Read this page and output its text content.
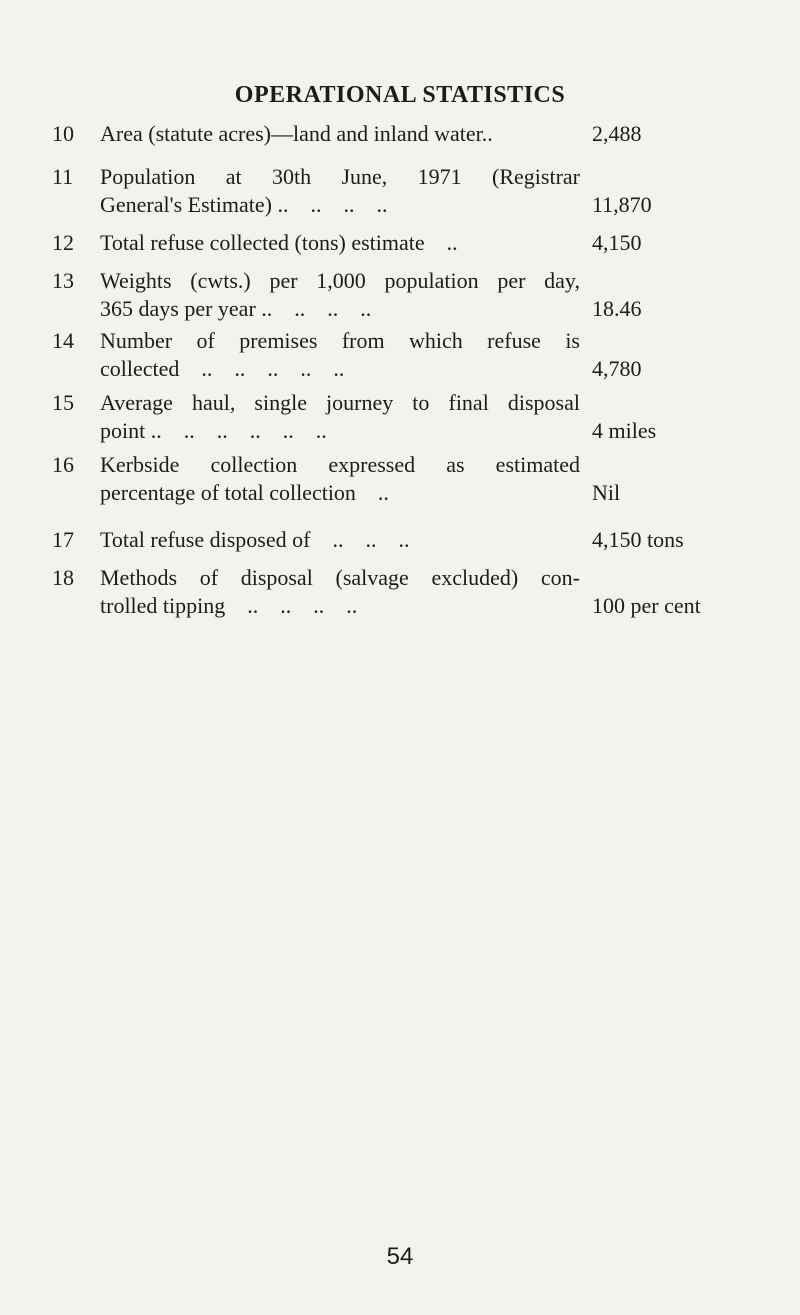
OPERATIONAL STATISTICS
10 Area (statute acres)—land and inland water..	2,488
11 Population at 30th June, 1971 (Registrar
General's Estimate) ..    ..    ..    ..	11,870
12 Total refuse collected (tons) estimate    ..	4,150
13 Weights (cwts.) per 1,000 population per day,
365 days per year ..    ..    ..    ..	18.46
14 Number of premises from which refuse is
collected    ..    ..    ..    ..    ..	4,780
15 Average haul, single journey to final disposal
point ..    ..    ..    ..    ..    ..	4 miles
16 Kerbside collection expressed as estimated
percentage of total collection    ..	Nil
17 Total refuse disposed of    ..    ..    ..	4,150 tons
18 Methods of disposal (salvage excluded) con-
trolled tipping    ..    ..    ..    ..	100 per cent
54
